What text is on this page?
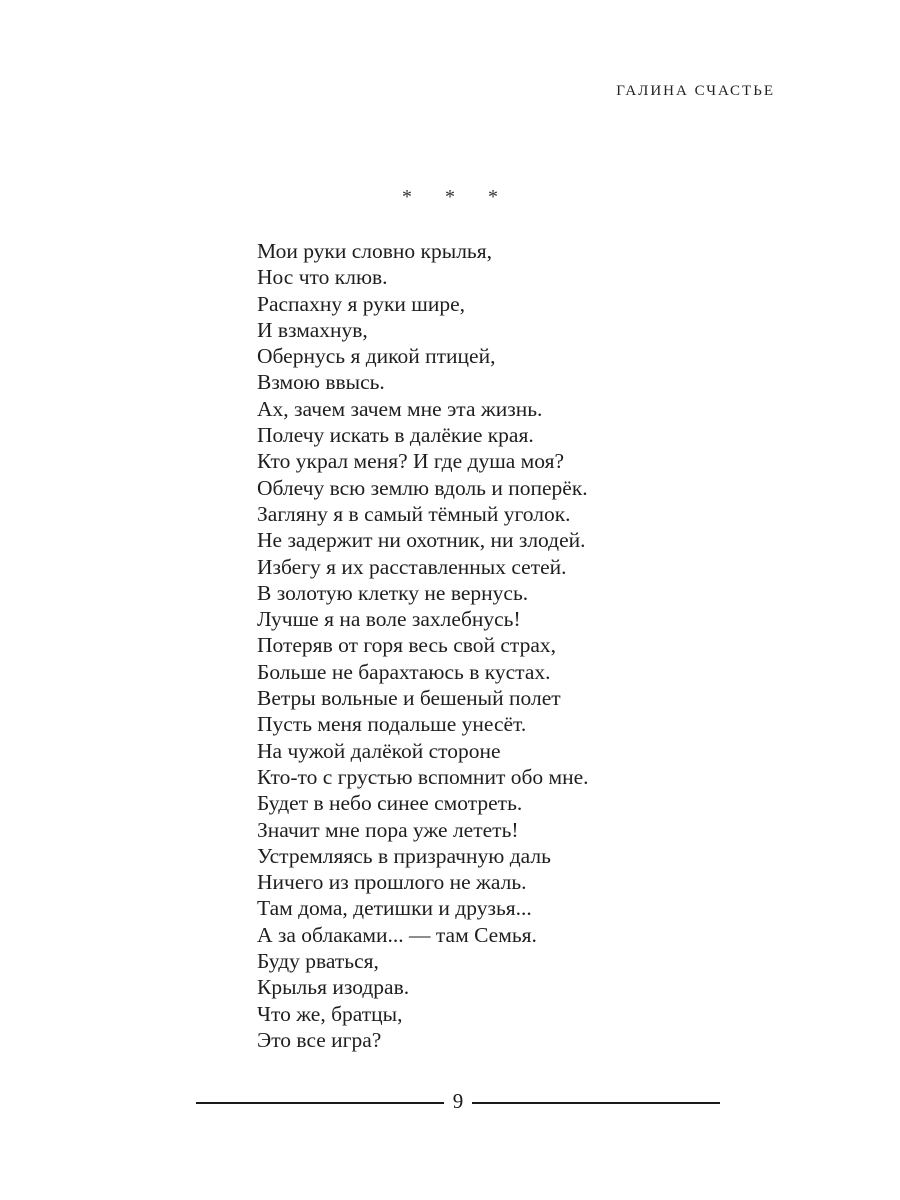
ГАЛИНА СЧАСТЬЕ
* * *
Мои руки словно крылья,
Нос что клюв.
Распахну я руки шире,
И взмахнув,
Обернусь я дикой птицей,
Взмою ввысь.
Ах, зачем зачем мне эта жизнь.
Полечу искать в далёкие края.
Кто украл меня? И где душа моя?
Облечу всю землю вдоль и поперёк.
Загляну я в самый тёмный уголок.
Не задержит ни охотник, ни злодей.
Избегу я их расставленных сетей.
В золотую клетку не вернусь.
Лучше я на воле захлебнусь!
Потеряв от горя весь свой страх,
Больше не барахтаюсь в кустах.
Ветры вольные и бешеный полет
Пусть меня подальше унесёт.
На чужой далёкой стороне
Кто-то с грустью вспомнит обо мне.
Будет в небо синее смотреть.
Значит мне пора уже лететь!
Устремляясь в призрачную даль
Ничего из прошлого не жаль.
Там дома, детишки и друзья...
А за облаками... — там Семья.
Буду рваться,
Крылья изодрав.
Что же, братцы,
Это все игра?
9
